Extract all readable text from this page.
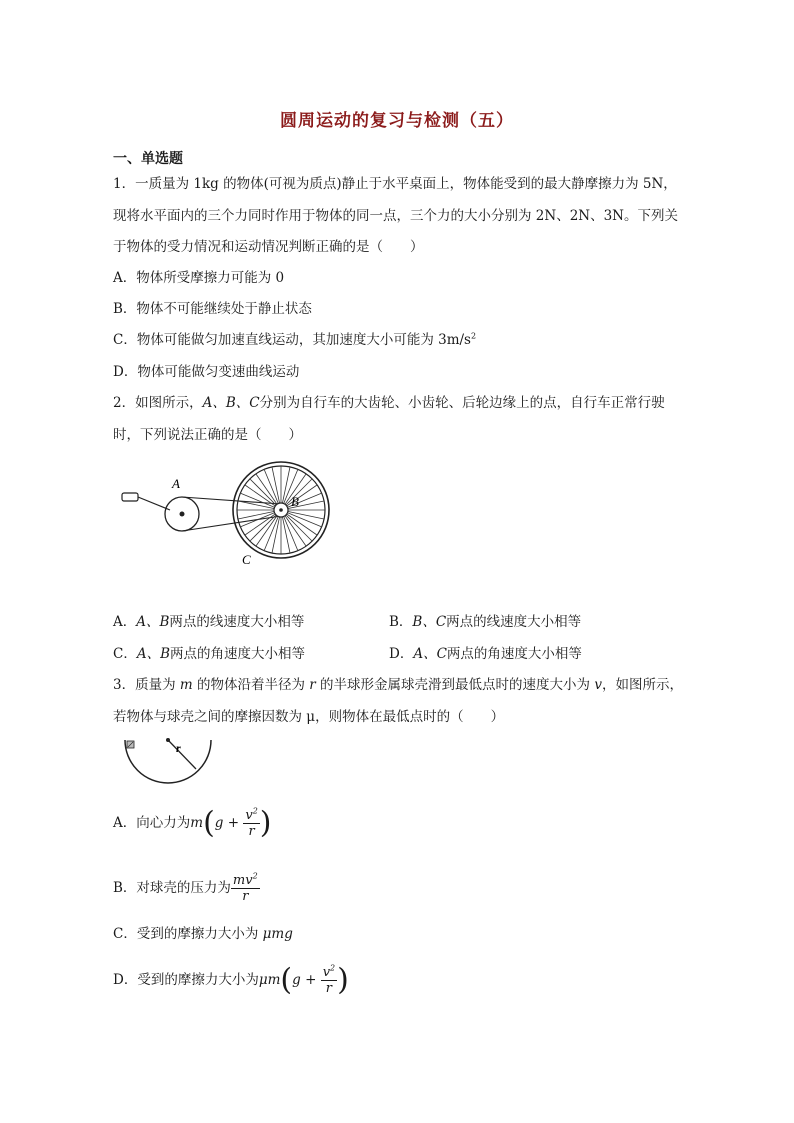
圆周运动的复习与检测（五）
一、单选题
1．一质量为 1kg 的物体(可视为质点)静止于水平桌面上，物体能受到的最大静摩擦力为 5N，
现将水平面内的三个力同时作用于物体的同一点，三个力的大小分别为 2N、2N、3N。下列关
于物体的受力情况和运动情况判断正确的是（　　）
A．物体所受摩擦力可能为 0
B．物体不可能继续处于静止状态
C．物体可能做匀加速直线运动，其加速度大小可能为 $3m/s^2$
D．物体可能做匀变速曲线运动
2．如图所示，A、B、C分别为自行车的大齿轮、小齿轮、后轮边缘上的点，自行车正常行驶
时，下列说法正确的是（　　）
A
B
C
A．A、B两点的线速度大小相等	B．B、C两点的线速度大小相等
C．A、B两点的角速度大小相等	D．A、C两点的角速度大小相等
3．质量为 m 的物体沿着半径为 r 的半球形金属球壳滑到最低点时的速度大小为 v，如图所示，
若物体与球壳之间的摩擦因数为 μ，则物体在最低点时的（　　）
r
A．向心力为$m(g + \frac{v^2}{r}$ )
B．对球壳的压力为 $\frac{mv^2}{r}$
C．受到的摩擦力大小为 μmg
D．受到的摩擦力大小为$\mu m(g + \frac{v^2}{r}$ )
